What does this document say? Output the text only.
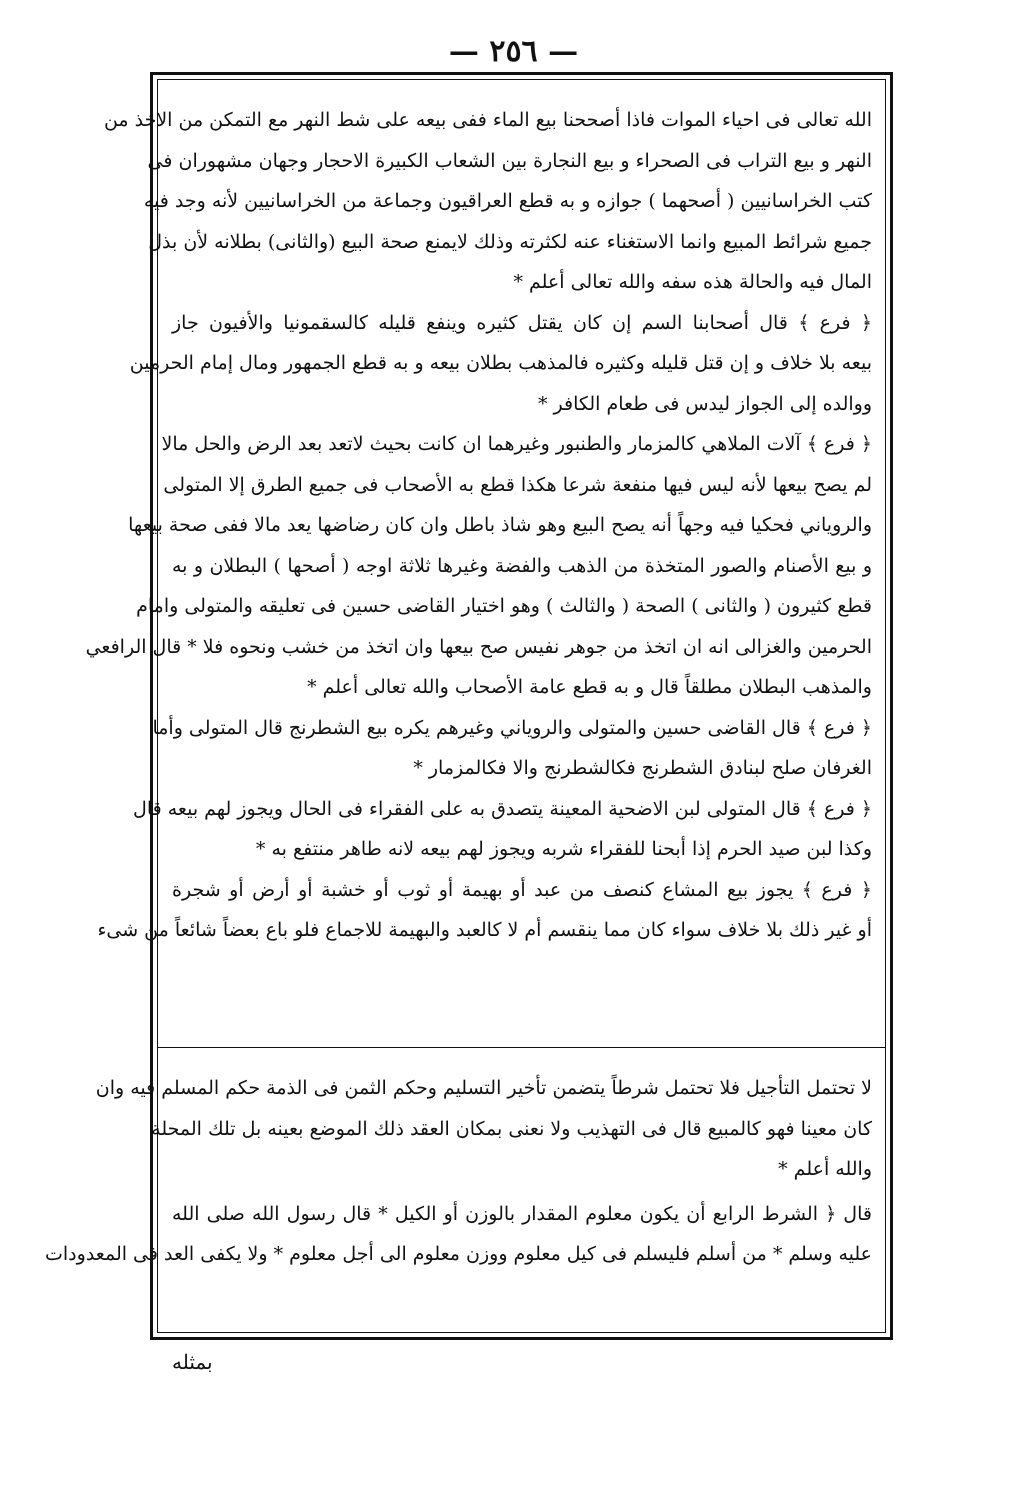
— ٢٥٦ —
الله تعالى فى احياء الموات فاذا أصححنا بيع الماء ففى بيعه على شط النهر مع التمكن من الاخذ من
النهر و بيع التراب فى الصحراء و بيع النجارة بين الشعاب الكبيرة الاحجار وجهان مشهوران فى
كتب الخراسانيين ( أصحهما ) جوازه و به قطع العراقيون وجماعة من الخراسانيين لأنه وجد فيه
جميع شرائط المبيع وانما الاستغناء عنه لكثرته وذلك لايمنع صحة البيع (والثانى) بطلانه لأن بذل
المال فيه والحالة هذه سفه والله تعالى أعلم *
﴿ فرع ﴾ قال أصحابنا السم إن كان يقتل كثيره وينفع قليله كالسقمونيا والأفيون جاز
بيعه بلا خلاف و إن قتل قليله وكثيره فالمذهب بطلان بيعه و به قطع الجمهور ومال إمام الحرمين
ووالده إلى الجواز ليدس فى طعام الكافر *
﴿ فرع ﴾ آلات الملاهي كالمزمار والطنبور وغيرهما ان كانت بحيث لاتعد بعد الرض والحل مالا
لم يصح بيعها لأنه ليس فيها منفعة شرعا هكذا قطع به الأصحاب فى جميع الطرق إلا المتولى
والروياني فحكيا فيه وجهاً أنه يصح البيع وهو شاذ باطل وان كان رضاضها يعد مالا ففى صحة بيعها
و بيع الأصنام والصور المتخذة من الذهب والفضة وغيرها ثلاثة اوجه ( أصحها ) البطلان و به
قطع كثيرون ( والثانى ) الصحة ( والثالث ) وهو اختيار القاضى حسين فى تعليقه والمتولى وامام
الحرمين والغزالى انه ان اتخذ من جوهر نفيس صح بيعها وان اتخذ من خشب ونحوه فلا * قال الرافعي
والمذهب البطلان مطلقاً قال و به قطع عامة الأصحاب والله تعالى أعلم *
﴿ فرع ﴾ قال القاضى حسين والمتولى والروياني وغيرهم يكره بيع الشطرنج قال المتولى وأما
الغرفان صلح لبنادق الشطرنج فكالشطرنج والا فكالمزمار *
﴿ فرع ﴾ قال المتولى لبن الاضحية المعينة يتصدق به على الفقراء فى الحال ويجوز لهم بيعه قال
وكذا لبن صيد الحرم إذا أبحنا للفقراء شربه ويجوز لهم بيعه لانه طاهر منتفع به *
﴿ فرع ﴾ يجوز بيع المشاع كنصف من عبد أو بهيمة أو ثوب أو خشبة أو أرض أو شجرة
أو غير ذلك بلا خلاف سواء كان مما ينقسم أم لا كالعبد والبهيمة للاجماع فلو باع بعضاً شائعاً من شىء
لا تحتمل التأجيل فلا تحتمل شرطاً يتضمن تأخير التسليم وحكم الثمن فى الذمة حكم المسلم فيه وان
كان معينا فهو كالمبيع قال فى التهذيب ولا نعنى بمكان العقد ذلك الموضع بعينه بل تلك المحلة
والله أعلم *
قال ﴿ الشرط الرابع أن يكون معلوم المقدار بالوزن أو الكيل * قال رسول الله صلى الله
عليه وسلم * من أسلم فليسلم فى كيل معلوم ووزن معلوم الى أجل معلوم * ولا يكفى العد فى المعدودات
بمثله
